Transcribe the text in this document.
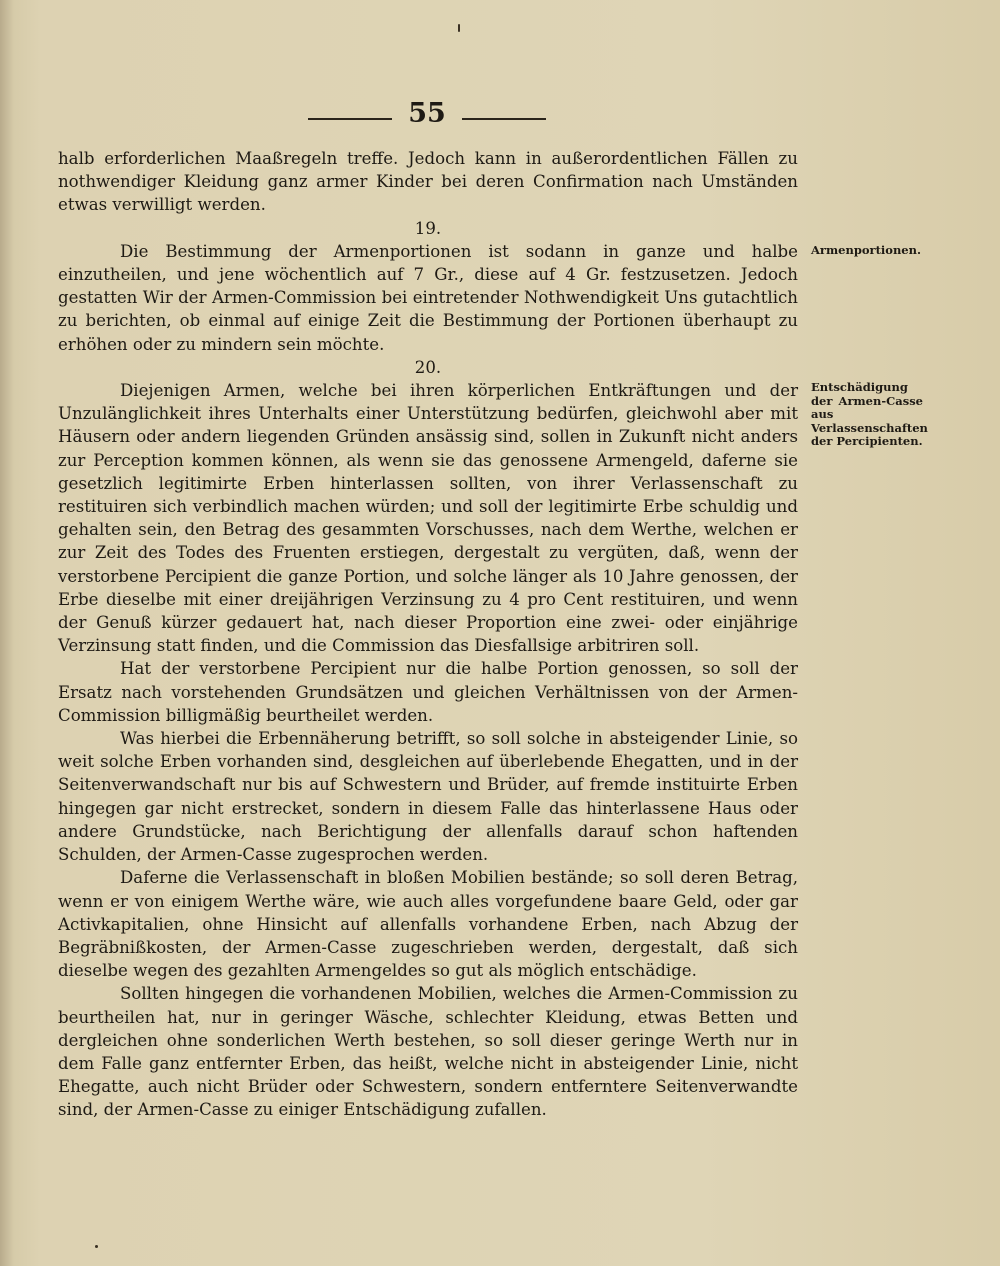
55

halb erforderlichen Maaßregeln treffe. Jedoch kann in außerordentlichen Fällen zu nothwendiger Kleidung ganz armer Kinder bei deren Confirmation nach Umständen etwas verwilligt werden.

19.

Die Bestimmung der Armenportionen ist sodann in ganze und halbe einzutheilen, und jene wöchentlich auf 7 Gr., diese auf 4 Gr. festzusetzen. Jedoch gestatten Wir der Armen-Commission bei eintretender Nothwendigkeit Uns gutachtlich zu berichten, ob einmal auf einige Zeit die Bestimmung der Portionen überhaupt zu erhöhen oder zu mindern sein möchte.

20.

Diejenigen Armen, welche bei ihren körperlichen Entkräftungen und der Unzulänglichkeit ihres Unterhalts einer Unterstützung bedürfen, gleichwohl aber mit Häusern oder andern liegenden Gründen ansässig sind, sollen in Zukunft nicht anders zur Perception kommen können, als wenn sie das genossene Armengeld, daferne sie gesetzlich legitimirte Erben hinterlassen sollten, von ihrer Verlassenschaft zu restituiren sich verbindlich machen würden; und soll der legitimirte Erbe schuldig und gehalten sein, den Betrag des gesammten Vorschusses, nach dem Werthe, welchen er zur Zeit des Todes des Fruenten erstiegen, dergestalt zu vergüten, daß, wenn der verstorbene Percipient die ganze Portion, und solche länger als 10 Jahre genossen, der Erbe dieselbe mit einer dreijährigen Verzinsung zu 4 pro Cent restituiren, und wenn der Genuß kürzer gedauert hat, nach dieser Proportion eine zwei- oder einjährige Verzinsung statt finden, und die Commission das Diesfallsige arbitriren soll.

Hat der verstorbene Percipient nur die halbe Portion genossen, so soll der Ersatz nach vorstehenden Grundsätzen und gleichen Verhältnissen von der Armen-Commission billigmäßig beurtheilet werden.

Was hierbei die Erbennäherung betrifft, so soll solche in absteigender Linie, so weit solche Erben vorhanden sind, desgleichen auf überlebende Ehegatten, und in der Seitenverwandschaft nur bis auf Schwestern und Brüder, auf fremde instituirte Erben hingegen gar nicht erstrecket, sondern in diesem Falle das hinterlassene Haus oder andere Grundstücke, nach Berichtigung der allenfalls darauf schon haftenden Schulden, der Armen-Casse zugesprochen werden.

Daferne die Verlassenschaft in bloßen Mobilien bestände; so soll deren Betrag, wenn er von einigem Werthe wäre, wie auch alles vorgefundene baare Geld, oder gar Activkapitalien, ohne Hinsicht auf allenfalls vorhandene Erben, nach Abzug der Begräbnißkosten, der Armen-Casse zugeschrieben werden, dergestalt, daß sich dieselbe wegen des gezahlten Armengeldes so gut als möglich entschädige.

Sollten hingegen die vorhandenen Mobilien, welches die Armen-Commission zu beurtheilen hat, nur in geringer Wäsche, schlechter Kleidung, etwas Betten und dergleichen ohne sonderlichen Werth bestehen, so soll dieser geringe Werth nur in dem Falle ganz entfernter Erben, das heißt, welche nicht in absteigender Linie, nicht Ehegatte, auch nicht Brüder oder Schwestern, sondern entferntere Seitenverwandte sind, der Armen-Casse zu einiger Entschädigung zufallen.

Armenportionen.
Entschädigung der Armen-Casse aus Verlassenschaften der Percipienten.
